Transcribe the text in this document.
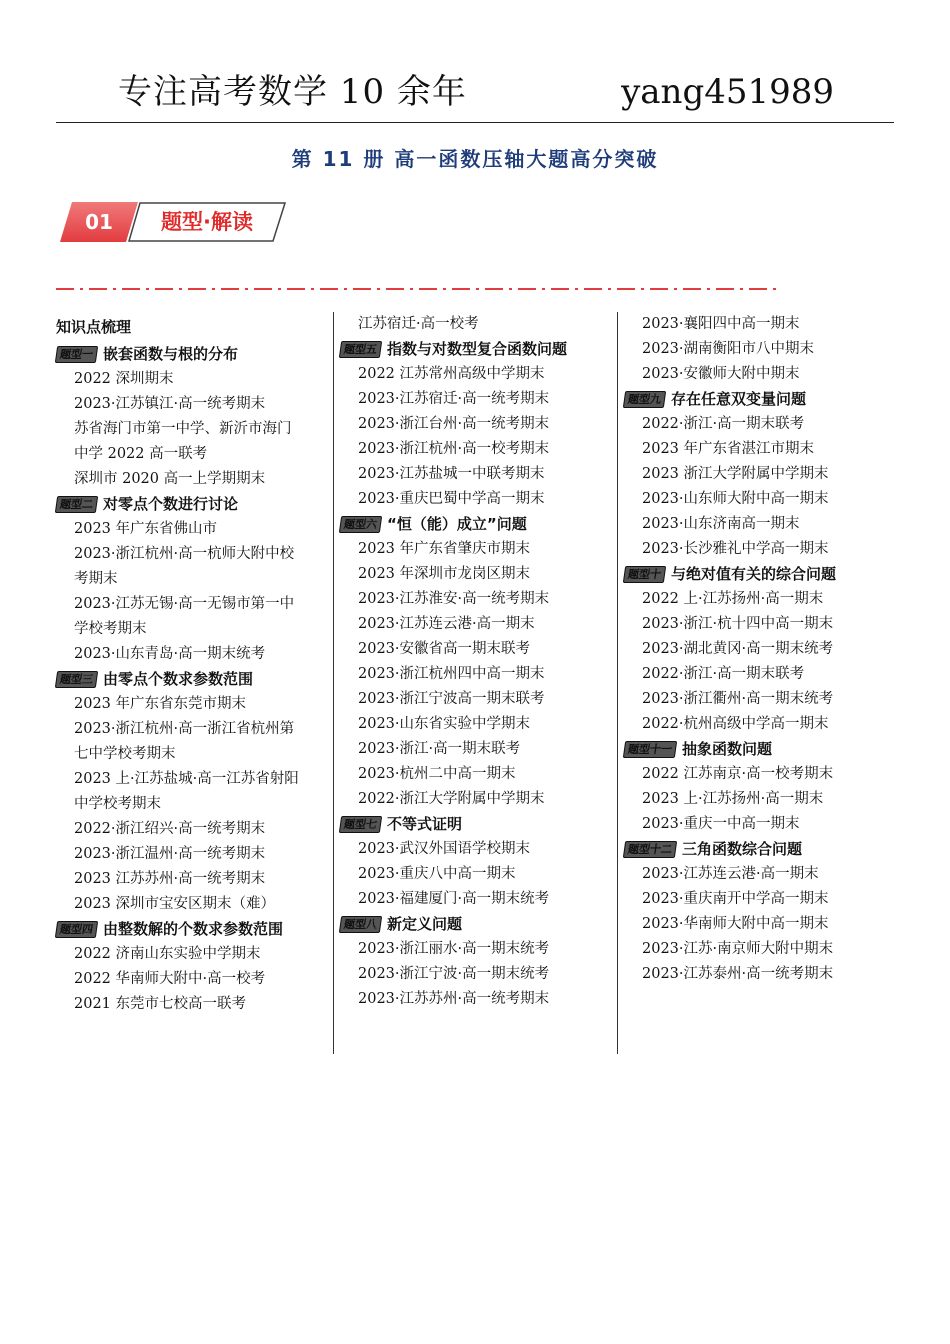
专注高考数学 10 余年	yang451989
第 11 册 高一函数压轴大题高分突破
01	题型·解读
知识点梳理
题型一 嵌套函数与根的分布
2022 深圳期末
2023·江苏镇江·高一统考期末
苏省海门市第一中学、新沂市海门
中学 2022 高一联考
深圳市 2020 高一上学期期末
题型二 对零点个数进行讨论
2023 年广东省佛山市
2023·浙江杭州·高一杭师大附中校
考期末
2023·江苏无锡·高一无锡市第一中
学校考期末
2023·山东青岛·高一期末统考
题型三 由零点个数求参数范围
2023 年广东省东莞市期末
2023·浙江杭州·高一浙江省杭州第
七中学校考期末
2023 上·江苏盐城·高一江苏省射阳
中学校考期末
2022·浙江绍兴·高一统考期末
2023·浙江温州·高一统考期末
2023 江苏苏州·高一统考期末
2023 深圳市宝安区期末（难）
题型四 由整数解的个数求参数范围
2022 济南山东实验中学期末
2022 华南师大附中·高一校考
2021 东莞市七校高一联考
江苏宿迁·高一校考
题型五 指数与对数型复合函数问题
2022 江苏常州高级中学期末
2023·江苏宿迁·高一统考期末
2023·浙江台州·高一统考期末
2023·浙江杭州·高一校考期末
2023·江苏盐城一中联考期末
2023·重庆巴蜀中学高一期末
题型六 “恒（能）成立”问题
2023 年广东省肇庆市期末
2023 年深圳市龙岗区期末
2023·江苏淮安·高一统考期末
2023·江苏连云港·高一期末
2023·安徽省高一期末联考
2023·浙江杭州四中高一期末
2023·浙江宁波高一期末联考
2023·山东省实验中学期末
2023·浙江·高一期末联考
2023·杭州二中高一期末
2022·浙江大学附属中学期末
题型七 不等式证明
2023·武汉外国语学校期末
2023·重庆八中高一期末
2023·福建厦门·高一期末统考
题型八 新定义问题
2023·浙江丽水·高一期末统考
2023·浙江宁波·高一期末统考
2023·江苏苏州·高一统考期末
2023·襄阳四中高一期末
2023·湖南衡阳市八中期末
2023·安徽师大附中期末
题型九 存在任意双变量问题
2022·浙江·高一期末联考
2023 年广东省湛江市期末
2023 浙江大学附属中学期末
2023·山东师大附中高一期末
2023·山东济南高一期末
2023·长沙雅礼中学高一期末
题型十 与绝对值有关的综合问题
2022 上·江苏扬州·高一期末
2023·浙江·杭十四中高一期末
2023·湖北黄冈·高一期末统考
2022·浙江·高一期末联考
2023·浙江衢州·高一期末统考
2022·杭州高级中学高一期末
题型十一 抽象函数问题
2022 江苏南京·高一校考期末
2023 上·江苏扬州·高一期末
2023·重庆一中高一期末
题型十二 三角函数综合问题
2023·江苏连云港·高一期末
2023·重庆南开中学高一期末
2023·华南师大附中高一期末
2023·江苏·南京师大附中期末
2023·江苏泰州·高一统考期末
